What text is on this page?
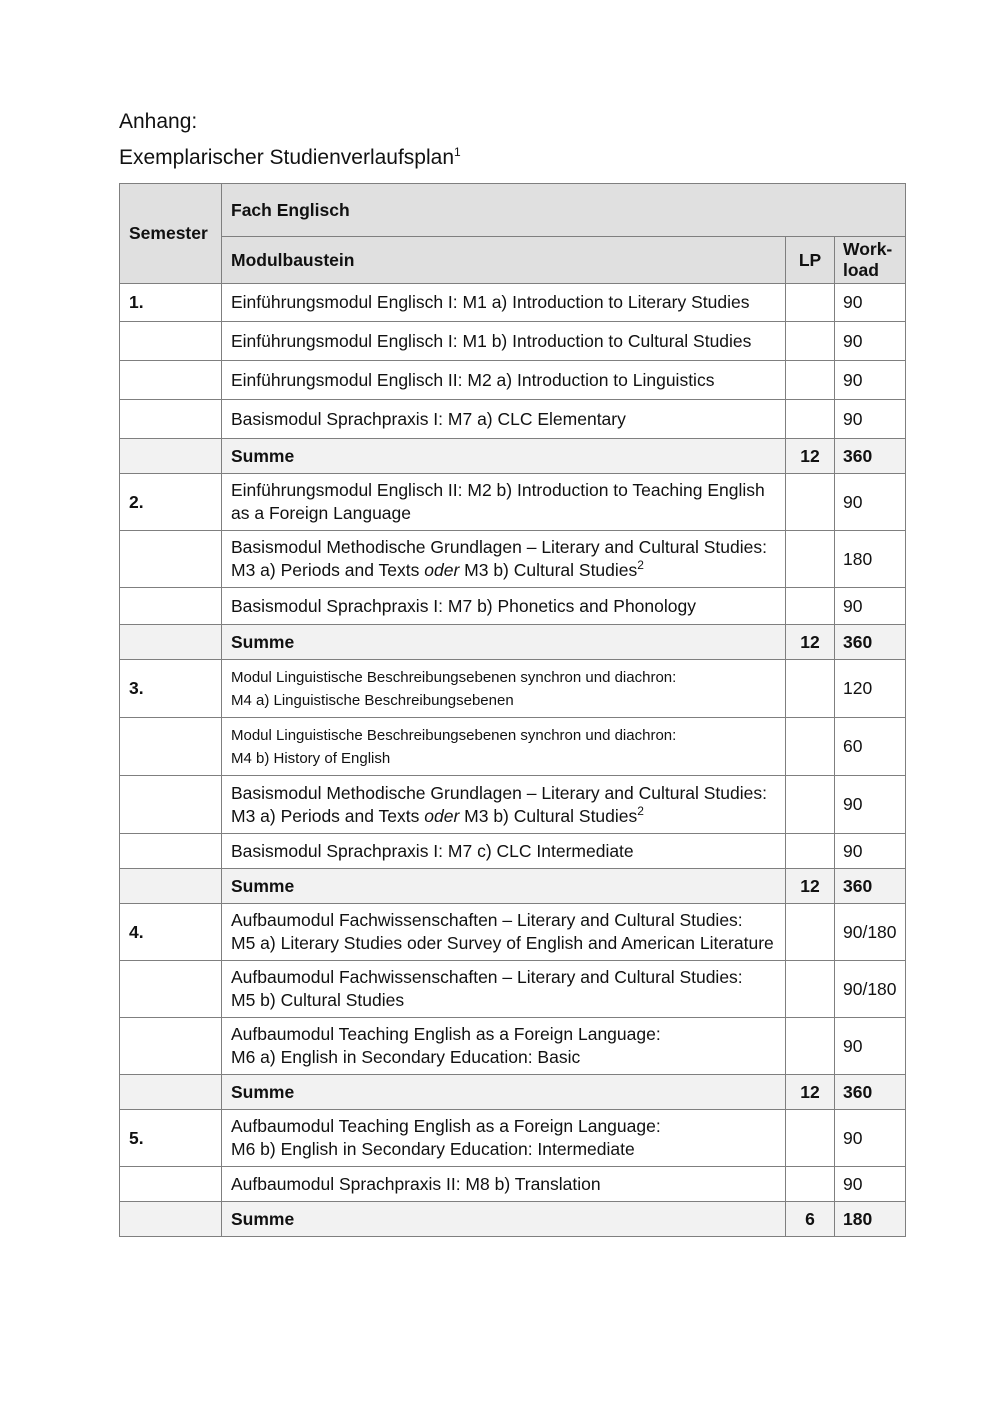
Anhang:
Exemplarischer Studienverlaufsplan$^1$
Semester	Fach Englisch		
	Modulbaustein	LP	Work-load
1.	Einführungsmodul Englisch I: M1 a) Introduction to Literary Studies		90
	Einführungsmodul Englisch I: M1 b) Introduction to Cultural Studies		90
	Einführungsmodul Englisch II: M2 a) Introduction to Linguistics		90
	Basismodul Sprachpraxis I: M7 a) CLC Elementary		90
	Summe	12	360
2.	Einführungsmodul Englisch II: M2 b) Introduction to Teaching English as a Foreign Language		90
	Basismodul Methodische Grundlagen – Literary and Cultural Studies:
M3 a) Periods and Texts oder M3 b) Cultural Studies$^2$		180
	Basismodul Sprachpraxis I: M7 b) Phonetics and Phonology		90
	Summe	12	360
3.	Modul Linguistische Beschreibungsebenen synchron und diachron:
M4 a) Linguistische Beschreibungsebenen		120
	Modul Linguistische Beschreibungsebenen synchron und diachron:
M4 b) History of English		60
	Basismodul Methodische Grundlagen – Literary and Cultural Studies:
M3 a) Periods and Texts oder M3 b) Cultural Studies$^2$		90
	Basismodul Sprachpraxis I: M7 c) CLC Intermediate		90
	Summe	12	360
4.	Aufbaumodul Fachwissenschaften – Literary and Cultural Studies:
M5 a) Literary Studies oder Survey of English and American Literature		90/180
	Aufbaumodul Fachwissenschaften – Literary and Cultural Studies:
M5 b) Cultural Studies		90/180
	Aufbaumodul Teaching English as a Foreign Language:
M6 a) English in Secondary Education: Basic		90
	Summe	12	360
5.	Aufbaumodul Teaching English as a Foreign Language:
M6 b) English in Secondary Education: Intermediate		90
	Aufbaumodul Sprachpraxis II: M8 b) Translation		90
	Summe	6	180
